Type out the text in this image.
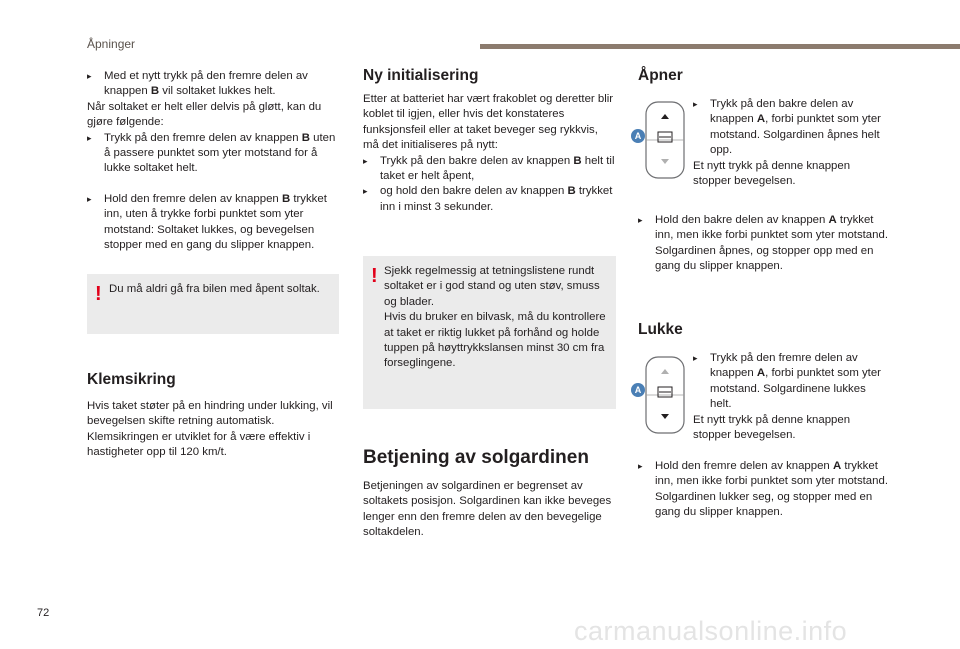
Åpninger
▸ Med et nytt trykk på den fremre delen av knappen B vil soltaket lukkes helt.

Når soltaket er helt eller delvis på gløtt, kan du gjøre følgende:

▸ Trykk på den fremre delen av knappen B uten å passere punktet som yter motstand for å lukke soltaket helt.
▸ Hold den fremre delen av knappen B trykket inn, uten å trykke forbi punktet som yter motstand: Soltaket lukkes, og bevegelsen stopper med en gang du slipper knappen.
! Du må aldri gå fra bilen med åpent soltak.
Klemsikring

Hvis taket støter på en hindring under lukking, vil bevegelsen skifte retning automatisk. Klemsikringen er utviklet for å være effektiv i hastigheter opp til 120 km/t.

Ny initialisering

Etter at batteriet har vært frakoblet og deretter blir koblet til igjen, eller hvis det konstateres funksjonsfeil eller at taket beveger seg rykkvis, må det initialiseres på nytt:

▸ Trykk på den bakre delen av knappen B helt til taket er helt åpent,
▸ og hold den bakre delen av knappen B trykket inn i minst 3 sekunder.
! Sjekk regelmessig at tetningslistene rundt soltaket er i god stand og uten støv, smuss og blader.
Hvis du bruker en bilvask, må du kontrollere at taket er riktig lukket på forhånd og holde tuppen på høyttrykkslansen minst 30 cm fra forseglingene.
Betjening av solgardinen

Betjeningen av solgardinen er begrenset av soltakets posisjon. Solgardinen kan ikke beveges lenger enn den fremre delen av den bevegelige soltakdelen.

Åpner
A
▸ Trykk på den bakre delen av knappen A, forbi punktet som yter motstand. Solgardinen åpnes helt opp.

Et nytt trykk på denne knappen stopper bevegelsen.

▸ Hold den bakre delen av knappen A trykket inn, men ikke forbi punktet som yter motstand. Solgardinen åpnes, og stopper opp med en gang du slipper knappen.
Lukke
A
▸ Trykk på den fremre delen av knappen A, forbi punktet som yter motstand. Solgardinene lukkes helt.

Et nytt trykk på denne knappen stopper bevegelsen.

▸ Hold den fremre delen av knappen A trykket inn, men ikke forbi punktet som yter motstand. Solgardinen lukker seg, og stopper med en gang du slipper knappen.
72
carmanualsonline.info
